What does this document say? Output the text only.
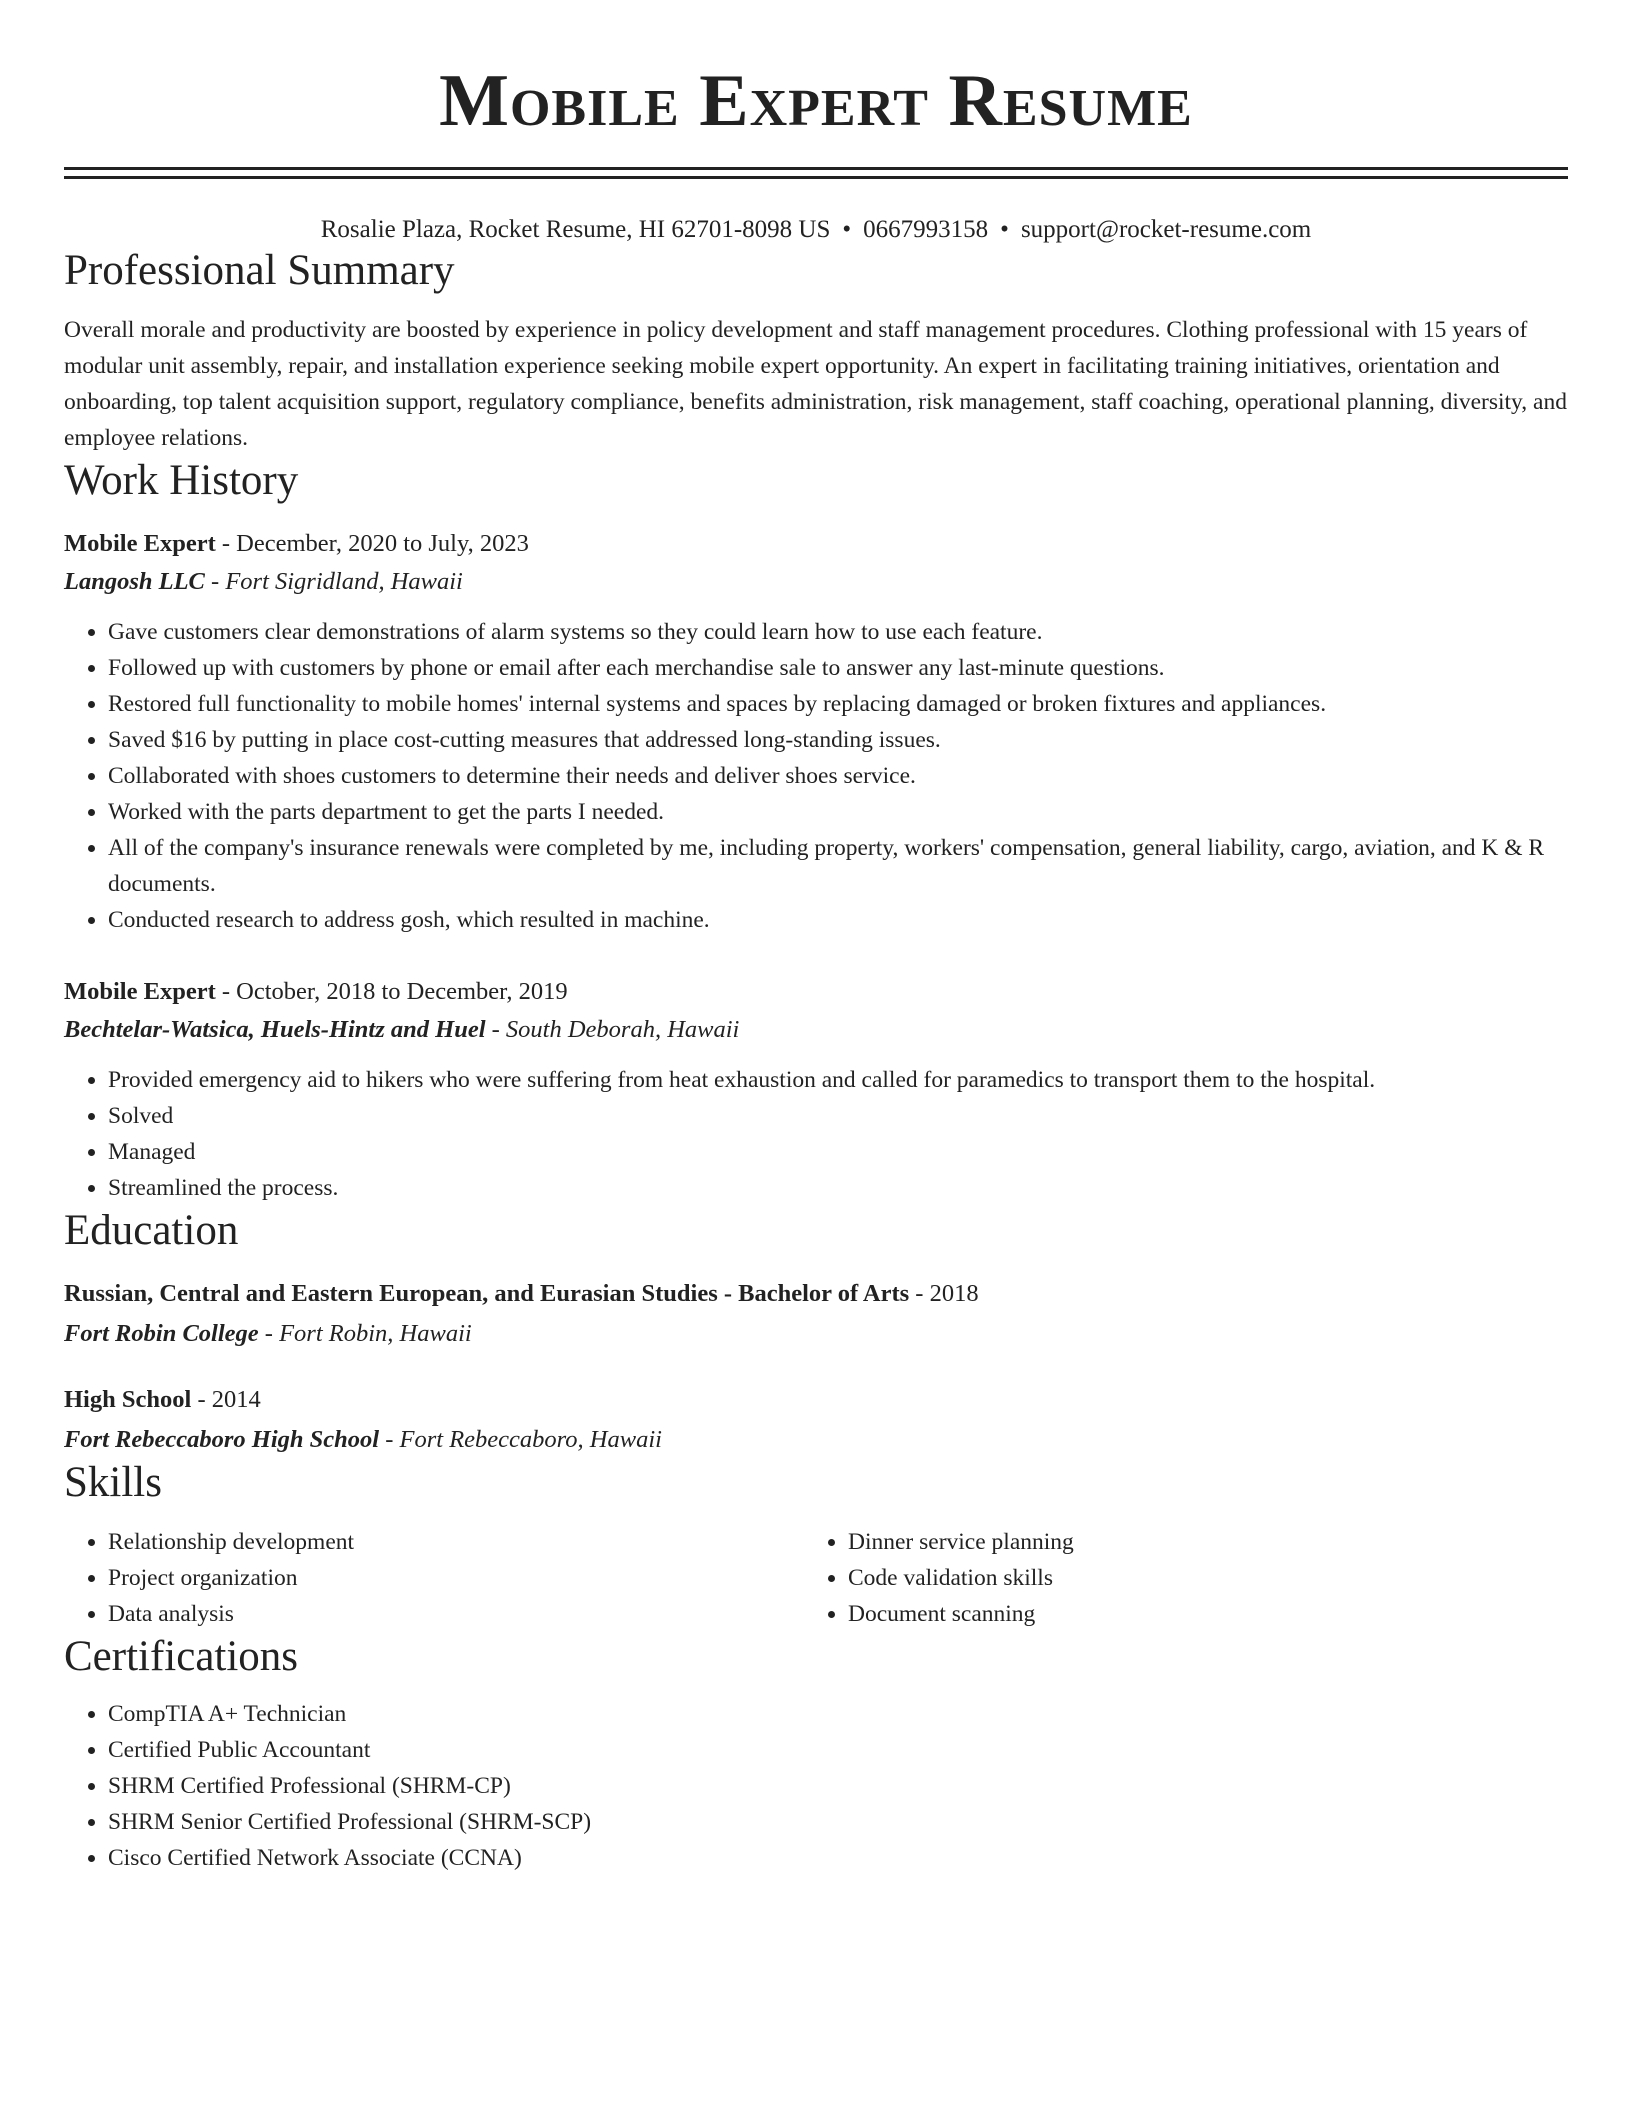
Mobile Expert Resume
Rosalie Plaza, Rocket Resume, HI 62701-8098 US • 0667993158 • support@rocket-resume.com
Professional Summary

Overall morale and productivity are boosted by experience in policy development and staff management procedures. Clothing professional with 15 years of modular unit assembly, repair, and installation experience seeking mobile expert opportunity. An expert in facilitating training initiatives, orientation and onboarding, top talent acquisition support, regulatory compliance, benefits administration, risk management, staff coaching, operational planning, diversity, and employee relations.

Work History
Mobile Expert - December, 2020 to July, 2023
Langosh LLC - Fort Sigridland, Hawaii
• Gave customers clear demonstrations of alarm systems so they could learn how to use each feature.
• Followed up with customers by phone or email after each merchandise sale to answer any last-minute questions.
• Restored full functionality to mobile homes' internal systems and spaces by replacing damaged or broken fixtures and appliances.
• Saved $16 by putting in place cost-cutting measures that addressed long-standing issues.
• Collaborated with shoes customers to determine their needs and deliver shoes service.
• Worked with the parts department to get the parts I needed.
• All of the company's insurance renewals were completed by me, including property, workers' compensation, general liability, cargo, aviation, and K & R documents.
• Conducted research to address gosh, which resulted in machine.
Mobile Expert - October, 2018 to December, 2019
Bechtelar-Watsica, Huels-Hintz and Huel - South Deborah, Hawaii
• Provided emergency aid to hikers who were suffering from heat exhaustion and called for paramedics to transport them to the hospital.
• Solved
• Managed
• Streamlined the process.
Education
Russian, Central and Eastern European, and Eurasian Studies - Bachelor of Arts - 2018
Fort Robin College - Fort Robin, Hawaii
High School - 2014
Fort Rebeccaboro High School - Fort Rebeccaboro, Hawaii
Skills
• Relationship development
• Project organization
• Data analysis
• Dinner service planning
• Code validation skills
• Document scanning
Certifications
• CompTIA A+ Technician
• Certified Public Accountant
• SHRM Certified Professional (SHRM-CP)
• SHRM Senior Certified Professional (SHRM-SCP)
• Cisco Certified Network Associate (CCNA)
